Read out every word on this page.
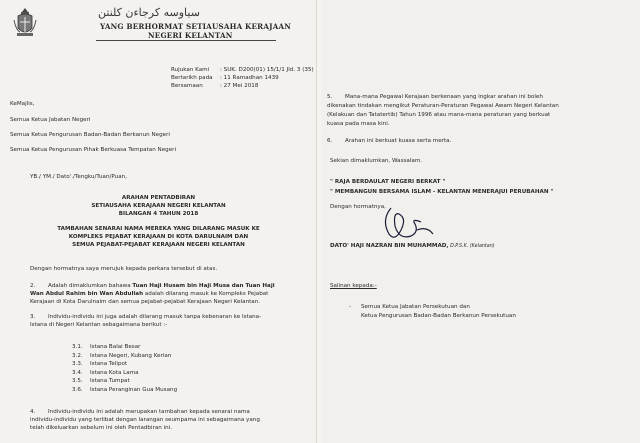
سياوسه كرجاءن كلنتن
YANG BERHORMAT SETIAUSAHA KERAJAAN
NEGERI KELANTAN
Rujukan Kami : SUK. D200(01) 15/1/1 Jld. 3 (35)
Bertarikh pada : 11 Ramadhan 1439
Bersamaan	: 27 Mei 2018
KeMajlis,
Semua Ketua Jabatan Negeri
Semua Ketua Pengurusan Badan-Badan Berkanun Negeri
Semua Ketua Pengurusan Pihak Berkuasa Tempatan Negeri
YB./ YM./ Dato'./Tengku/Tuan/Puan,
ARAHAN PENTADBIRAN
SETIAUSAHA KERAJAAN NEGERI KELANTAN
BILANGAN 4 TAHUN 2018
TAMBAHAN SENARAI NAMA MEREKA YANG DILARANG MASUK KE
KOMPLEKS PEJABAT KERAJAAN DI KOTA DARULNAIM DAN
SEMUA PEJABAT-PEJABAT KERAJAAN NEGERI KELANTAN
Dengan hormatnya saya merujuk kepada perkara tersebut di atas.
2. Adalah dimaklumkan bahawa Tuan Haji Husam bin Haji Musa dan Tuan Haji
Wan Abdul Rahim bin Wan Abdullah adalah dilarang masuk ke Kompleks Pejabat
Kerajaan di Kota Darulnaim dan semua pejabat-pejabat Kerajaan Negeri Kelantan.
3. Individu-individu ini juga adalah dilarang masuk tanpa kebenaran ke Istana-
Istana di Negeri Kelantan sebagaimana berikut :-
3.1. Istana Balai Besar
3.2. Istana Negeri, Kubang Kerian
3.3. Istana Telipot
3.4. Istana Kota Lama
3.5. Istana Tumpat
3.6. Istana Peranginan Gua Musang
4. Individu-individu ini adalah merupakan tambahan kepada senarai nama
individu-individu yang terlibat dengan larangan seumpama ini sebagaimana yang
telah dikeluarkan sebelum ini oleh Pentadbiran ini.
5. Mana-mana Pegawai Kerajaan berkenaan yang ingkar arahan ini boleh
dikenakan tindakan mengikut Peraturan-Peraturan Pegawai Awam Negeri Kelantan
(Kelakuan dan Tatatertib) Tahun 1996 atau mana-mana peraturan yang berkuat
kuasa pada masa kini.
6. Arahan ini berkuat kuasa serta merta.
Sekian dimaklumkan, Wassalam.
" RAJA BERDAULAT NEGERI BERKAT "
" MEMBANGUN BERSAMA ISLAM - KELANTAN MENERAJUI PERUBAHAN "
Dengan hormatnya,
DATO' HAJI NAZRAN BIN MUHAMMAD, D.P.S.K. (Kelantan)
Salinan kepada:-
- Semua Ketua Jabatan Persekutuan dan
Ketua Pengurusan Badan-Badan Berkanun Persekutuan
